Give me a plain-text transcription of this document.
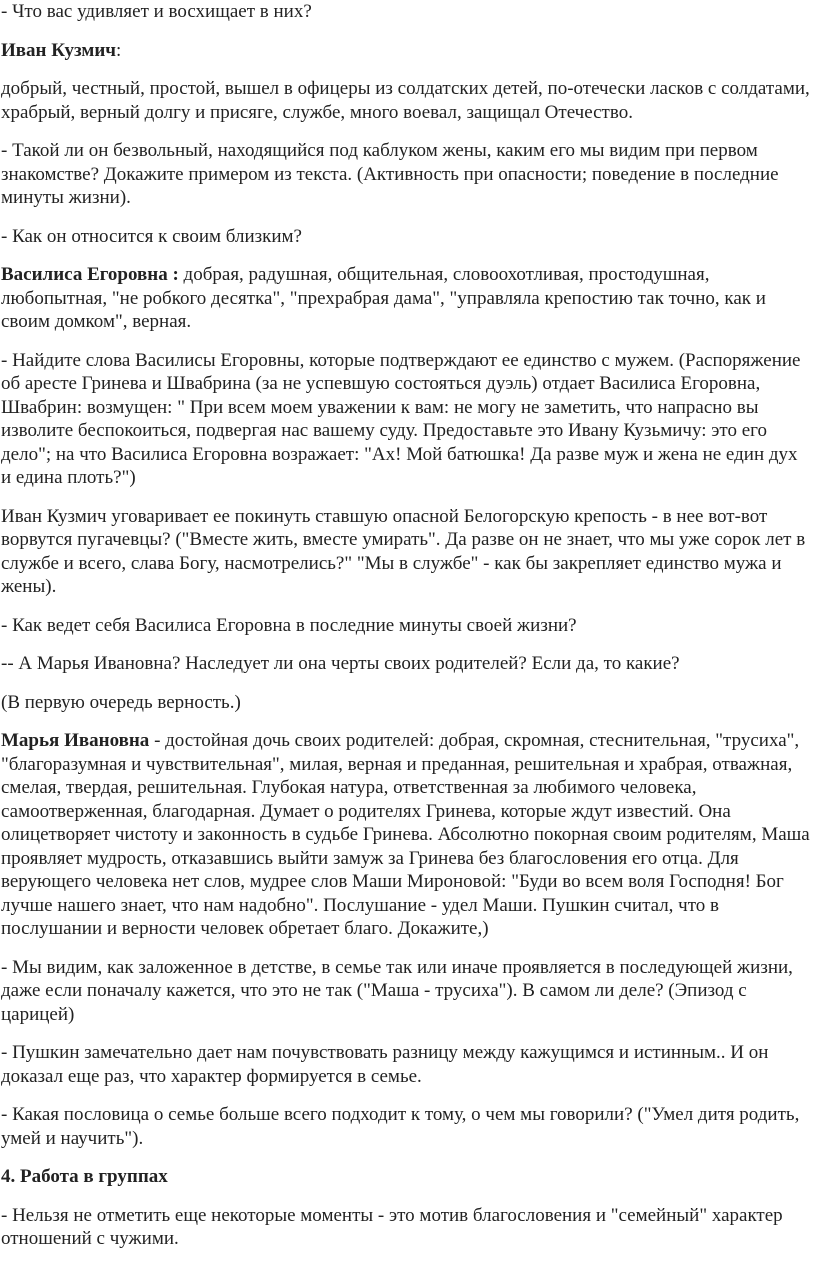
- Что вас удивляет и восхищает в них?

Иван Кузмич:

добрый, честный, простой, вышел в офицеры из солдатских детей, по-отечески ласков с солдатами, храбрый, верный долгу и присяге, службе, много воевал, защищал Отечество.

- Такой ли он безвольный, находящийся под каблуком жены, каким его мы видим при первом знакомстве? Докажите примером из текста. (Активность при опасности; поведение в последние минуты жизни).

- Как он относится к своим близким?

Василиса Егоровна : добрая, радушная, общительная, словоохотливая, простодушная, любопытная, "не робкого десятка", "прехрабрая дама", "управляла крепостию так точно, как и своим домком", верная.

- Найдите слова Василисы Егоровны, которые подтверждают ее единство с мужем. (Распоряжение об аресте Гринева и Швабрина (за не успевшую состояться дуэль) отдает Василиса Егоровна, Швабрин: возмущен: " При всем моем уважении к вам: не могу не заметить, что напрасно вы изволите беспокоиться, подвергая нас вашему суду. Предоставьте это Ивану Кузьмичу: это его дело"; на что Василиса Егоровна возражает: "Ах! Мой батюшка! Да разве муж и жена не един дух и едина плоть?")

Иван Кузмич уговаривает ее покинуть ставшую опасной Белогорскую крепость - в нее вот-вот ворвутся пугачевцы? ("Вместе жить, вместе умирать". Да разве он не знает, что мы уже сорок лет в службе и всего, слава Богу, насмотрелись?" "Мы в службе" - как бы закрепляет единство мужа и жены).

- Как ведет себя Василиса Егоровна в последние минуты своей жизни?

-- А Марья Ивановна? Наследует ли она черты своих родителей? Если да, то какие?

(В первую очередь верность.)

Марья Ивановна - достойная дочь своих родителей: добрая, скромная, стеснительная, "трусиха", "благоразумная и чувствительная", милая, верная и преданная, решительная и храбрая, отважная, смелая, твердая, решительная. Глубокая натура, ответственная за любимого человека, самоотверженная, благодарная. Думает о родителях Гринева, которые ждут известий. Она олицетворяет чистоту и законность в судьбе Гринева. Абсолютно покорная своим родителям, Маша проявляет мудрость, отказавшись выйти замуж за Гринева без благословения его отца. Для верующего человека нет слов, мудрее слов Маши Мироновой: "Буди во всем воля Господня! Бог лучше нашего знает, что нам надобно". Послушание - удел Маши. Пушкин считал, что в послушании и верности человек обретает благо. Докажите,)

- Мы видим, как заложенное в детстве, в семье так или иначе проявляется в последующей жизни, даже если поначалу кажется, что это не так ("Маша - трусиха"). В самом ли деле? (Эпизод с царицей)

- Пушкин замечательно дает нам почувствовать разницу между кажущимся и истинным.. И он доказал еще раз, что характер формируется в семье.

- Какая пословица о семье больше всего подходит к тому, о чем мы говорили? ("Умел дитя родить, умей и научить").

4. Работа в группах

- Нельзя не отметить еще некоторые моменты - это мотив благословения и "семейный" характер отношений с чужими.
